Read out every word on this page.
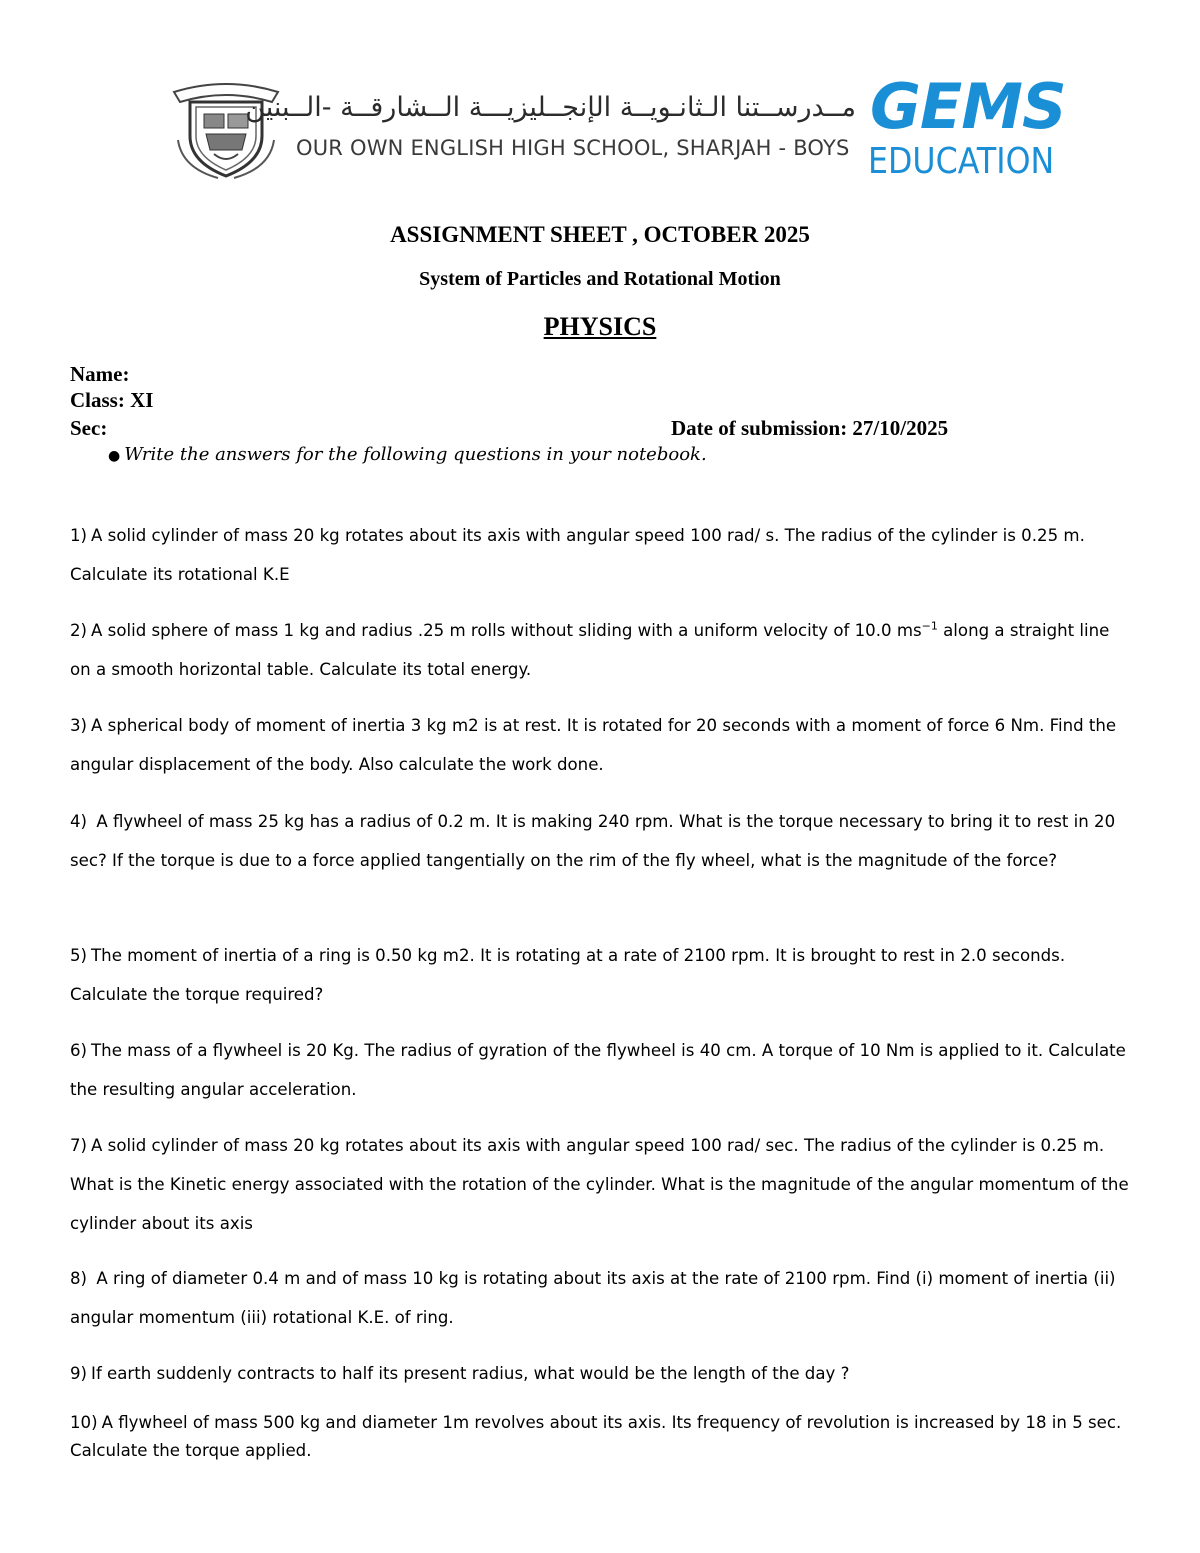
مــدرســتنا الـثانـويــة الإنجــليزيـــة الــشارقــة -الــبنين
OUR OWN ENGLISH HIGH SCHOOL, SHARJAH - BOYS
GEMS
EDUCATION
ASSIGNMENT SHEET , OCTOBER 2025
System of Particles and Rotational Motion
PHYSICS
Name:
Class: XI
Sec:	Date of submission: 27/10/2025
● Write the answers for the following questions in your notebook.
1) A solid cylinder of mass 20 kg rotates about its axis with angular speed 100 rad/ s. The radius of the cylinder is 0.25 m. Calculate its rotational K.E
2) A solid sphere of mass 1 kg and radius .25 m rolls without sliding with a uniform velocity of 10.0 $ms^{-1}$ along a straight line on a smooth horizontal table. Calculate its total energy.
3) A spherical body of moment of inertia 3 kg m2 is at rest. It is rotated for 20 seconds with a moment of force 6 Nm. Find the angular displacement of the body. Also calculate the work done.
4) A flywheel of mass 25 kg has a radius of 0.2 m. It is making 240 rpm. What is the torque necessary to bring it to rest in 20 sec? If the torque is due to a force applied tangentially on the rim of the fly wheel, what is the magnitude of the force?
5) The moment of inertia of a ring is 0.50 kg m2. It is rotating at a rate of 2100 rpm. It is brought to rest in 2.0 seconds. Calculate the torque required?
6) The mass of a flywheel is 20 Kg. The radius of gyration of the flywheel is 40 cm. A torque of 10 Nm is applied to it. Calculate the resulting angular acceleration.
7) A solid cylinder of mass 20 kg rotates about its axis with angular speed 100 rad/ sec. The radius of the cylinder is 0.25 m. What is the Kinetic energy associated with the rotation of the cylinder. What is the magnitude of the angular momentum of the cylinder about its axis
8) A ring of diameter 0.4 m and of mass 10 kg is rotating about its axis at the rate of 2100 rpm. Find (i) moment of inertia (ii) angular momentum (iii) rotational K.E. of ring.
9) If earth suddenly contracts to half its present radius, what would be the length of the day ?
10) A flywheel of mass 500 kg and diameter 1m revolves about its axis. Its frequency of revolution is increased by 18 in 5 sec. Calculate the torque applied.
